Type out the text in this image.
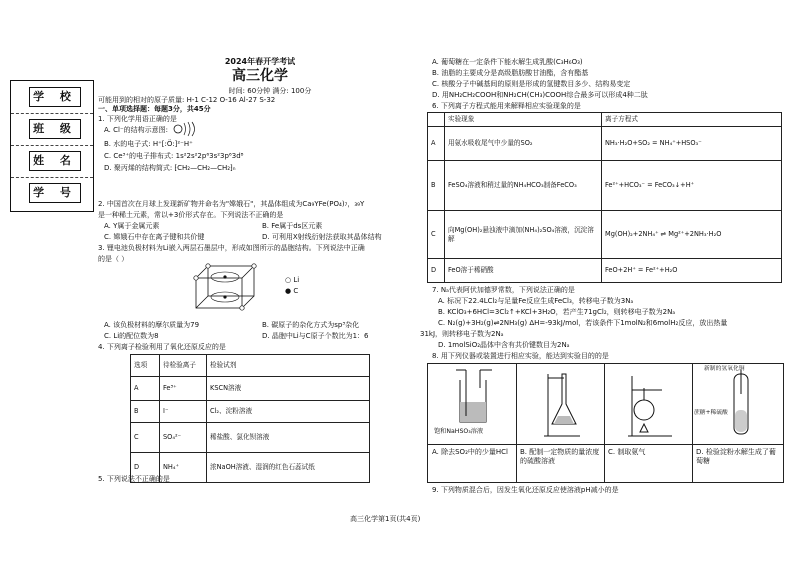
学 校
班 级
姓 名
学 号
2024年春开学考试
高三化学
时间: 60分钟 满分: 100分
可能用到的相对的原子质量: H-1 C-12 O-16 Al-27 S-32
一、单项选择题：每题3分，共45分
1. 下列化学用语正确的是
A. Cl⁻的结构示意图:
B. 水的电子式: H⁺[:Ö:]²⁻H⁺
C. Ce³⁺的电子排布式: 1s²2s²2p⁶3s²3p⁶3d⁸
D. 聚丙烯的结构简式: ⁅CH₂—CH₂—CH₂⁆ₙ
2. 中国首次在月球上发现新矿物并命名为"嫦娥石"，其晶体组成为Ca₉YFe(PO₄)₇，₃₉Y
是一种稀土元素，常以+3价形式存在。下列说法不正确的是
A. Y属于金属元素	B. Fe属于ds区元素
C. 嫦娥石中存在离子键和共价键	D. 可利用X射线衍射法获取其晶体结构
3. 锂电池负极材料为Li嵌入两层石墨层中，形成如图所示的晶胞结构。下列说法中正确
的是（ ）
○ Li
● C
A. 该负极材料的摩尔质量为79	B. 碳原子的杂化方式为sp³杂化
C. Li的配位数为8	D. 晶胞中Li与C原子个数比为1：6
4. 下列离子检验利用了氧化还原反应的是
选项	待检验离子	检验试剂
A	Fe³⁺	KSCN溶液
B	I⁻	Cl₂、淀粉溶液
C	SO₄²⁻	稀盐酸、氯化钡溶液
D	NH₄⁺	浓NaOH溶液、湿润的红色石蕊试纸
5. 下列说法不正确的是
A. 葡萄糖在一定条件下能水解生成乳酸(C₃H₆O₃)
B. 油脂的主要成分是高级脂肪酸甘油酯，含有酯基
C. 核酸分子中碱基间的原则是形成的氢键数目多少、结构易变定
D. 用NH₂CH₂COOH和NH₂CH(CH₃)COOH综合最多可以形成4种二肽
6. 下列离子方程式能用来解释相应实验现象的是
	实验现象	离子方程式
A	用氨水吸收尾气中少量的SO₂	NH₃·H₂O+SO₂ = NH₄⁺+HSO₃⁻
B	FeSO₄溶液和稍过量的NH₄HCO₃制备FeCO₃	Fe²⁺+HCO₃⁻ = FeCO₃↓+H⁺
C	向Mg(OH)₂悬浊液中滴加(NH₄)₂SO₄溶液，沉淀溶解	Mg(OH)₂+2NH₄⁺ ⇌ Mg²⁺+2NH₃·H₂O
D	FeO溶于稀硝酸	FeO+2H⁺ = Fe²⁺+H₂O
7. Nₐ代表阿伏加德罗常数，下列说法正确的是
A. 标况下22.4LCl₂与足量Fe反应生成FeCl₃，转移电子数为3Nₐ
B. KClO₃+6HCl=3Cl₂↑+KCl+3H₂O，若产生71gCl₂，则转移电子数为2Nₐ
C. N₂(g)+3H₂(g)⇌2NH₃(g) ΔH=-93kJ/mol，若该条件下1molN₂和6molH₂反应，放出热量
31kJ，则转移电子数为2Nₐ
D. 1molSiO₂晶体中含有共价键数目为2Nₐ
8. 用下列仪器或装置进行相应实验，能达到实验目的的是
饱和NaHSO₃溶液
新制的氢氧化铜
蔗糖+稀硫酸
A. 除去SO₂中的少量HCl	B. 配制一定物质的量浓度的硫酸溶液
C. 制取氨气	D. 检验淀粉水解生成了葡萄糖
9. 下列物质混合后，因发生氧化还原反应使溶液pH减小的是
高三化学第1页(共4页)
